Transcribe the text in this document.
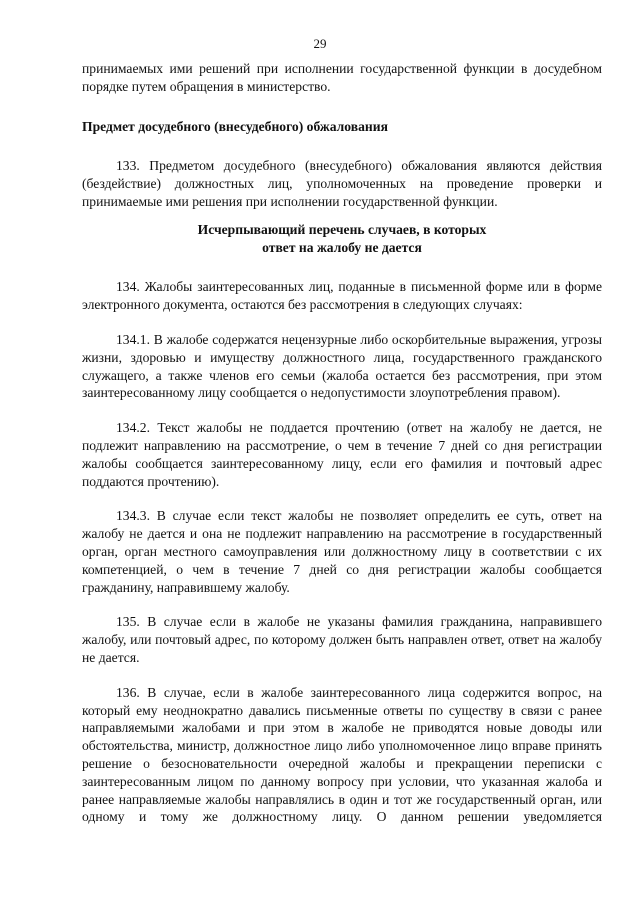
29

принимаемых ими решений при исполнении государственной функции в досудебном порядке путем обращения в министерство.

Предмет досудебного (внесудебного) обжалования

133. Предметом досудебного (внесудебного) обжалования являются действия (бездействие) должностных лиц, уполномоченных на проведение проверки и принимаемые ими решения при исполнении государственной функции.

Исчерпывающий перечень случаев, в которых
ответ на жалобу не дается

134. Жалобы заинтересованных лиц, поданные в письменной форме или в форме электронного документа, остаются без рассмотрения в следующих случаях:

134.1. В жалобе содержатся нецензурные либо оскорбительные выражения, угрозы жизни, здоровью и имуществу должностного лица, государственного гражданского служащего, а также членов его семьи (жалоба остается без рассмотрения, при этом заинтересованному лицу сообщается о недопустимости злоупотребления правом).

134.2. Текст жалобы не поддается прочтению (ответ на жалобу не дается, не подлежит направлению на рассмотрение, о чем в течение 7 дней со дня регистрации жалобы сообщается заинтересованному лицу, если его фамилия и почтовый адрес поддаются прочтению).

134.3. В случае если текст жалобы не позволяет определить ее суть, ответ на жалобу не дается и она не подлежит направлению на рассмотрение в государственный орган, орган местного самоуправления или должностному лицу в соответствии с их компетенцией, о чем в течение 7 дней со дня регистрации жалобы сообщается гражданину, направившему жалобу.

135. В случае если в жалобе не указаны фамилия гражданина, направившего жалобу, или почтовый адрес, по которому должен быть направлен ответ, ответ на жалобу не дается.

136. В случае, если в жалобе заинтересованного лица содержится вопрос, на который ему неоднократно давались письменные ответы по существу в связи с ранее направляемыми жалобами и при этом в жалобе не приводятся новые доводы или обстоятельства, министр, должностное лицо либо уполномоченное лицо вправе принять решение о безосновательности очередной жалобы и прекращении переписки с заинтересованным лицом по данному вопросу при условии, что указанная жалоба и ранее направляемые жалобы направлялись в один и тот же государственный орган, или одному и тому же должностному лицу. О данном решении уведомляется
